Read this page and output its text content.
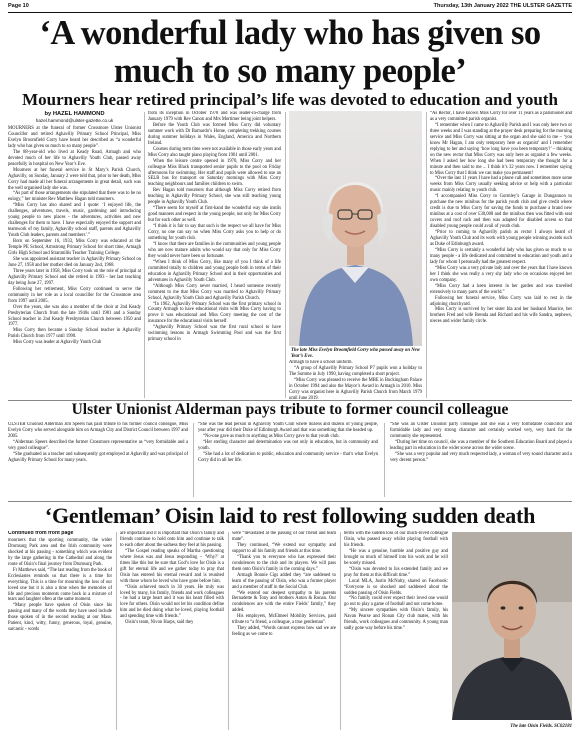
Page 10	Thursday, 13th January 2022 THE ULSTER GAZETTE
‘A wonderful lady who has given so much to so many people’
Mourners hear retired principal’s life was devoted to education and youth
by HAZEL HAMMOND
hazel.hammond@ulster-gazette.co.uk

MOURNERS at the funeral of former Crossmore Ulster Unionist Councillor and retired Aghavilly Primary School Principal, Miss Evelyn Broomfield Corry have heard her described as “a wonderful lady who has given so much to so many people”.

The 88-year-old who lived at Keady Road, Armagh and who devoted much of her life to Aghavilly Youth Club, passed away peacefully in hospital on New Year’s Eve.

Mourners at her funeral service in St Mary’s Parish Church, Aghavilly, on Sunday, January 2 were told that, prior to her death, Miss Corry had made all her funeral arrangements in great detail, such was the well organised lady she was.

“As part of those arrangements she stipulated that there was to be no eulogy,” her minister Rev Matthew Hagan told mourners.

“Miss Corry has also shared and I quote: ‘I enjoyed life, the challenges, adventures, travels, music, gardening and introducing young people to new places - the adventures, activities and new challenges for them to have. I have especially enjoyed the support and teamwork of my family, Aghavilly school staff, parents and Aghavilly Youth Club leaders, parents and members’.”

Born on September 16, 1933, Miss Corry was educated at the Temple PE School, Armstrong Primary School for short time, Armagh Girls High School and Stranmillis Teacher Training College.

She was appointed assistant teacher in Aghavilly Primary School on June 27, 1958 and her mother died on January 2nd, 1968.

Three years later in 1958, Miss Corry took on the role of principal at Aghavilly Primary School and she retired in 1993 - her last teaching day being June 27, 1997.

Following her retirement, Miss Corry continued to serve the community in her role as a local councillor for the Crossmore area from 1997 until 2005.

Over the years, she was also a member of the choir at 2nd Keady Presbyterian Church from the late 1940s until 1981 and a Sunday School teacher in 2nd Keady Presbyterian Church between 1950 and 1977.

Miss Corry then became a Sunday School teacher in Aghavilly Parish Church from 1977 until 1990.

Miss Corry was leader at Aghavilly Youth Club

from its inception in October 1978 and was leader-in-charge from January 1979 with Rev Canon and Mrs Mortimer being joint helpers.

Before the Youth Club was formed Miss Corry did voluntary summer work with Dr Barnardo’s Home, completing trekking courses during summer holidays in Wales, England, America and Northern Ireland.

Courses during term time were not available in those early years and Miss Corry also taught piano playing from 1961 until 2001.

When the leisure centre opened in 1970, Miss Corry and her colleague Miss Black transported senior pupils to the pool on Friday afternoons for swimming. Her staff and pupils were allowed to use an SELB bus for transport on Saturday mornings with Miss Corry teaching neighbours and families children to swim.

Rev Hagan told mourners that although Miss Corry retired from teaching in Aghavilly Primary School, she was still teaching young people in Aghavilly Youth Club.

“There seem for myself at first-hand the wonderful way she instils good manners and respect in the young people, not only for Miss Corry but for each other as well.

“I think it is fair to say that such is the respect we all have for Miss Corry, no one can say no when Miss Corry asks you to help or do something for youth club.

“I know that there are families in the communities and young people who are now mature adults who would say that only for Miss Corry they would never have been so fortunate.

“When I think of Miss Corry, like many of you I think of a life committed totally to children and young people both in terms of their education in Aghavilly Primary School and in their opportunities and adventures in Aghavilly Youth Club.

“Although Miss Corry never married, I heard someone recently comment to me that Miss Corry was married to Aghavilly Primary School, Aghavilly Youth Club and Aghavilly Parish Church.

“In 1962, Aghavilly Primary School was the first primary school in County Armagh to have educational visits with Miss Corry having to prove it was educational and Miss Corry meeting the cost of the insurance for the educational visits herself.

“Aghavilly Primary School was the first rural school to have swimming lessons in Armagh Swimming Pool and was the first primary school in

The late Miss Evelyn Broomfield Corry who passed away on New Year’s Eve.

Armagh to have a school uniform.

“A group of Aghavilly Primary School P7 pupils won a holiday to The Somme in July 1990, having completed a short project.

“Miss Corry was pleased to receive the MBE in Buckingham Palace in October 1994 and also the Mayor’s Award in Armagh in 2010. Miss Corry was organist here in Aghavilly Parish Church from March 1979 until June 2019.

“As Rector, I have known Miss Corry for over 11 years as a parishioner and as a very committed parish organist.

“I remember when I came to Aghavilly Parish and I was only here two or three weeks and I was standing at the prayer desk preparing for the morning service and Miss Corry was sitting at the organ and she said to me – ‘you know Mr Hagan, I am only temporary here as organist’ and I remember replying to her and saying ‘how long have you been temporary?’ – thinking on the new rector that Miss Corry was only here as organist a few weeks. When I asked her how long she had been temporary she thought for a minute and then said to me ... I think it’s 32 years now. I remember saying to Miss Corry that I think we can make you permanent!

“Over the last 11 years I have had a phone call and sometimes more some weeks from Miss Corry usually seeking advice or help with a particular music mainly relating to youth club.

“I accompanied Miss Corry to Gormley’s Garage in Dungannon to purchase the new minibus for the parish youth club and give credit where credit is due to Miss Corry for saving the funds to purchase a brand new minibus at a cost of over £30,000 and the minibus then was fitted with seat covers and roof rack and then was adapted for disabled access so that disabled young people could avail of youth club.

“Prior to coming to Aghavilly parish as rector I always heard of Aghavilly Youth Club and its work with young people winning awards such as Duke of Edinburgh award.

“Miss Corry is certainly a wonderful lady who has given so much to so many people - a life dedicated and committed to education and youth and a lady for whom I personally had the greatest respect.

“Miss Corry was a very private lady and over the years that I have known her I think she was really a very shy lady who on occasions enjoyed her own company.

“Miss Corry had a keen interest in her garden and was travelled extensively to many parts of the world.”

Following her funeral service, Miss Corry was laid to rest in the adjoining churchyard.

Miss Corry is survived by her sister Ida and her husband Maurice, her brothers Fred and wife Brenda and Richard and his wife Sandra, nephews, nieces and wider family circle.

Ulster Unionist Alderman pays tribute to former council colleague

ULSTER Unionist Alderman Jim Speers has paid tribute to his former council colleague, Miss Evelyn Corry who served alongside him on Armagh City and District Council between 1997 and 2005.

“Alderman Speers described the former Crossmore representative as “very formidable and a very good colleague”.

“She graduated as a teacher and subsequently got employed at Aghavilly and was principal of Aghavilly Primary School for many years.

“She was the lead person in Aghavilly Youth Club where dozens and dozens of young people, year after year did their Duke of Edinburgh Award and that was something that she headed up.

“No-one gave as much to anything as Miss Corry gave to that youth club.

“Her sterling character and determination was not only in education, but in community and youth.

“She had a lot of dedication to public, education and community service - that’s what Evelyn Corry did in all her life.

“She was an Ulster Unionist party colleague and she was a very formidable councillor and formidable lady and very strong character and certainly worked very, very hard for the community she represented.

“During her time on council, she was a member of the Southern Education Board and played a leading part in education in the wider scene across the wider scene.

“She was a very popular and very much respected lady, a woman of very sound character and a very decent person.”

‘Gentleman’ Oisin laid to rest following sudden death
Continued from front page

mourners that the sporting community, the wider Drumsurg Park area and the Irish community were shocked at his passing - something which was evident by the large gathering in the Cathedral and along the route of Oisin’s final journey from Drumsurg Park.

Fr Matthews said, “The last reading from the book of Ecclesiastes reminds us that there is a time for everything. This is a time for mourning the loss of our loved one but it is also a time when the memories of life and precious moments come back in a mixture of tears and laughter often at the same moment.

“Many people have spoken of Oisin since his passing and many of the words they have used include those spoken of in the second reading at our Mass. Patient, kind, witty, funny, generous, loyal, genuine, sarcastic - words

are important and it is important that Oisin’s family and friends continue to hold onto him and continue to talk to each other about the sadness they feel at his passing.

“The Gospel reading speaks of Martha questioning where Jesus was and Jesus responding – ‘Why?’ at times like this but be sure that God’s love for Oisin is a gift for eternal life and we gather today to pray that Oisin has entered his eternal reward and is reunited with those whom he loved who have gone before him.

“Oisin achieved much in 30 years. He truly was loved by many, his family, friends and work colleagues - he had a large heart and it was his heart filled with love for others. Oisin would not let his condition define him and he died doing what he loved, playing football and spending time with friends.”

Oisin’s team, Nivon Harps, said they

were “devastated at the passing of our friend and team mate”.

They continued, “We extend our sympathy and support to all his family and friends at this time.

“Thank you to everyone who has expressed their condolences to the club and its players. We will pass them onto Oisin’s family in the coming days.”

Armagh Bonnie Cigs added they “are saddened to learn of the passing of Oisin, who was a former player and a member of staff in the Social Club.

“We extend our deepest sympathy to his parents Bernadette & Tony and brothers Anton & Ronan. Our condolences are with the entire Fields’ family,” they added.

His employers, McElmeel Mobility Services, paid tribute to “a friend, a colleague, a true gentleman”.

They added, “Words cannot express how sad we are feeling as we come to

terms with the sudden loss of our much-loved colleague Oisin, who passed away whilst playing football with his friends.

“He was a genuine, humble and positive guy and brought so much of himself into his work and he will be sorely missed.

“Oisin was devoted to his extended family and we pray for them at this difficult time.”

Local MLA, Justin McNulty, shared on Facebook: “Everyone is so shocked and saddened about the sudden passing of Oisin Fields.

“No family could ever expect their loved one would go out to play a game of football and not come home.

“My sincere sympathies with Oisin’s family, his Navan Pearse and Ronan City club mates, with his friends, work colleagues and community. A young man sadly gone way before his time.”

The late Oisin Fields. SC02181
